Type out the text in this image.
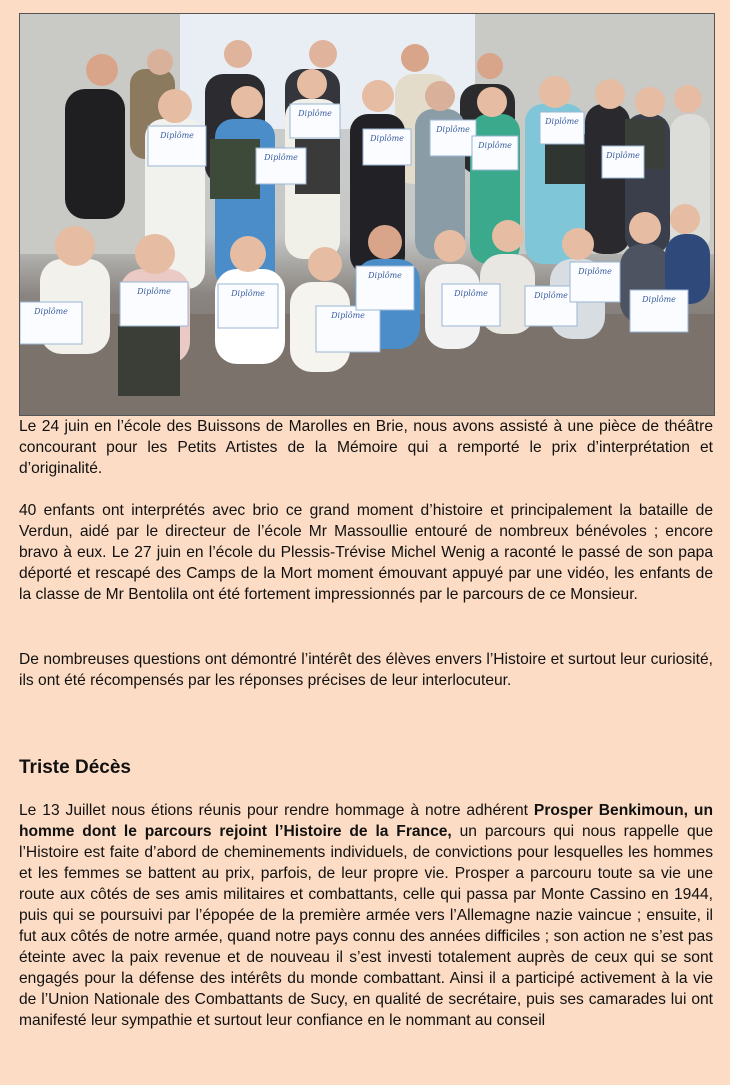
Diplôme
Diplôme
Diplôme
Diplôme
Diplôme
Diplôme
Diplôme
Diplôme
Diplôme
Diplôme	Diplôme
Diplôme
Diplôme
Diplôme	Diplôme
Diplôme
Diplôme

Le 24 juin en l’école des Buissons de Marolles en Brie, nous avons assisté à une pièce de théâtre concourant pour les Petits Artistes de la Mémoire qui a remporté le prix d’interprétation et d’originalité.

40 enfants ont interprétés avec brio ce grand moment d’histoire et principalement la bataille de Verdun, aidé par le directeur de l’école Mr Massoullie entouré de nombreux bénévoles ; encore bravo à eux. Le 27 juin en l’école du Plessis-Trévise Michel Wenig a raconté le passé de son papa déporté et rescapé des Camps de la Mort moment émouvant appuyé par une vidéo, les enfants de la classe de Mr Bentolila ont été fortement impressionnés par le parcours de ce Monsieur.

De nombreuses questions ont démontré l’intérêt des élèves envers l’Histoire et surtout leur curiosité, ils ont été récompensés par les réponses précises de leur interlocuteur.

Triste Décès

Le 13 Juillet nous étions réunis pour rendre hommage à notre adhérent Prosper Benkimoun, un homme dont le parcours rejoint l’Histoire de la France, un parcours qui nous rappelle que l’Histoire est faite d’abord de cheminements individuels, de convictions pour lesquelles les hommes et les femmes se battent au prix, parfois, de leur propre vie. Prosper a parcouru toute sa vie une route aux côtés de ses amis militaires et combattants, celle qui passa par Monte Cassino en 1944, puis qui se poursuivi par l’épopée de la première armée vers l’Allemagne nazie vaincue ; ensuite, il fut aux côtés de notre armée, quand notre pays connu des années difficiles ; son action ne s’est pas éteinte avec la paix revenue et de nouveau il s’est investi totalement auprès de ceux qui se sont engagés pour la défense des intérêts du monde combattant. Ainsi il a participé activement à la vie de l’Union Nationale des Combattants de Sucy, en qualité de secrétaire, puis ses camarades lui ont manifesté leur sympathie et surtout leur confiance en le nommant au conseil
